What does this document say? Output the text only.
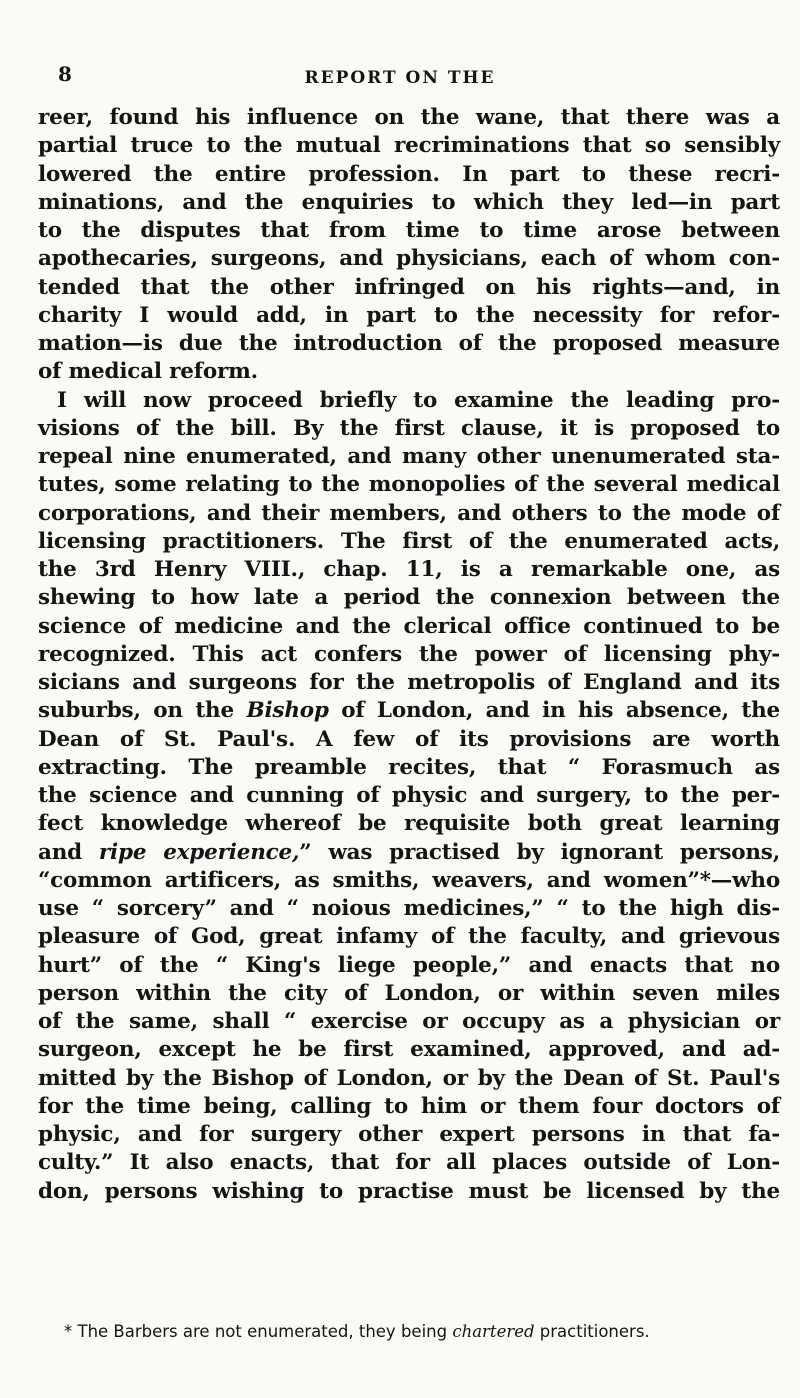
8	REPORT ON THE
reer, found his influence on the wane, that there was a
partial truce to the mutual recriminations that so sensibly
lowered the entire profession. In part to these recri-
minations, and the enquiries to which they led—in part
to the disputes that from time to time arose between
apothecaries, surgeons, and physicians, each of whom con-
tended that the other infringed on his rights—and, in
charity I would add, in part to the necessity for refor-
mation—is due the introduction of the proposed measure
of medical reform.
I will now proceed briefly to examine the leading pro-
visions of the bill. By the first clause, it is proposed to
repeal nine enumerated, and many other unenumerated sta-
tutes, some relating to the monopolies of the several medical
corporations, and their members, and others to the mode of
licensing practitioners. The first of the enumerated acts,
the 3rd Henry VIII., chap. 11, is a remarkable one, as
shewing to how late a period the connexion between the
science of medicine and the clerical office continued to be
recognized. This act confers the power of licensing phy-
sicians and surgeons for the metropolis of England and its
suburbs, on the Bishop of London, and in his absence, the
Dean of St. Paul's. A few of its provisions are worth
extracting. The preamble recites, that “ Forasmuch as
the science and cunning of physic and surgery, to the per-
fect knowledge whereof be requisite both great learning
and ripe experience,” was practised by ignorant persons,
“common artificers, as smiths, weavers, and women”*—who
use “ sorcery” and “ noious medicines,” “ to the high dis-
pleasure of God, great infamy of the faculty, and grievous
hurt” of the “ King's liege people,” and enacts that no
person within the city of London, or within seven miles
of the same, shall “ exercise or occupy as a physician or
surgeon, except he be first examined, approved, and ad-
mitted by the Bishop of London, or by the Dean of St. Paul's
for the time being, calling to him or them four doctors of
physic, and for surgery other expert persons in that fa-
culty.” It also enacts, that for all places outside of Lon-
don, persons wishing to practise must be licensed by the
* The Barbers are not enumerated, they being chartered practitioners.
